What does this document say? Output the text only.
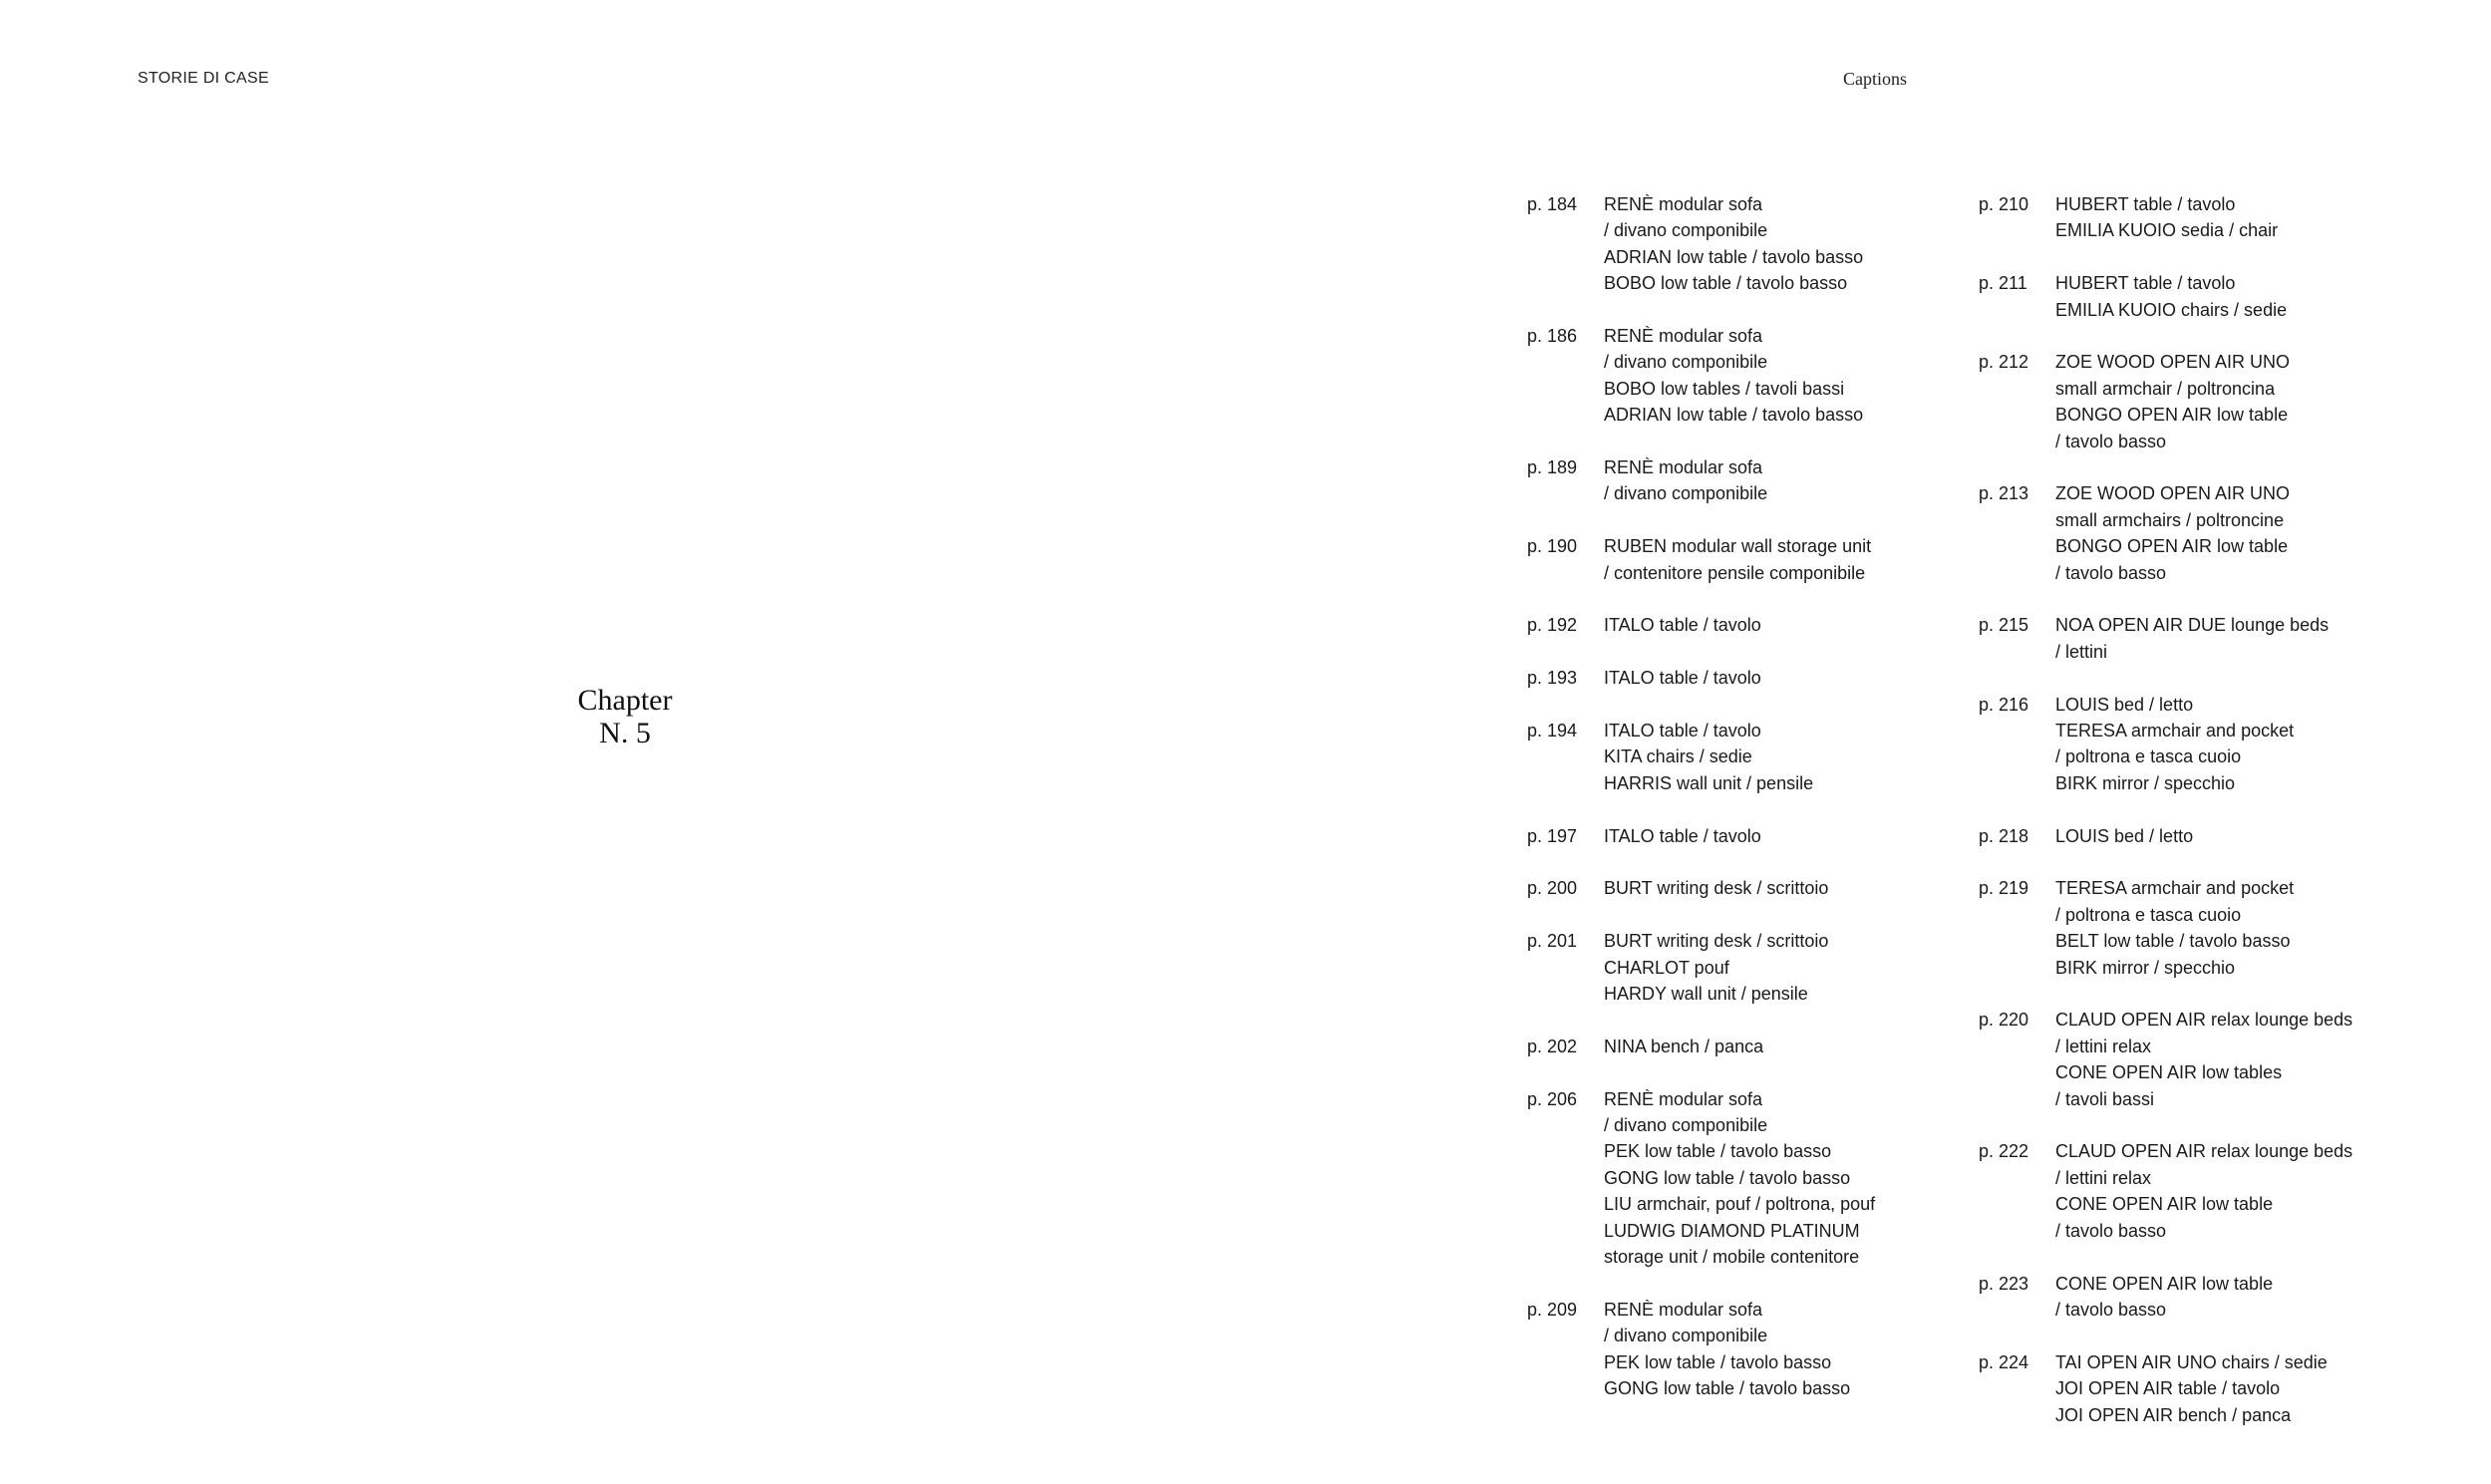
STORIE DI CASE	Captions
Chapter
N. 5
p. 184	RENÈ modular sofa
/ divano componibile
ADRIAN low table / tavolo basso
BOBO low table / tavolo basso
p. 186	RENÈ modular sofa
/ divano componibile
BOBO low tables / tavoli bassi
ADRIAN low table / tavolo basso
p. 189	RENÈ modular sofa
/ divano componibile
p. 190	RUBEN modular wall storage unit
/ contenitore pensile componibile
p. 192	ITALO table / tavolo
p. 193	ITALO table / tavolo
p. 194	ITALO table / tavolo
KITA chairs / sedie
HARRIS wall unit / pensile
p. 197	ITALO table / tavolo
p. 200	BURT writing desk / scrittoio
p. 201	BURT writing desk / scrittoio
CHARLOT pouf
HARDY wall unit / pensile
p. 202	NINA bench / panca
p. 206	RENÈ modular sofa
/ divano componibile
PEK low table / tavolo basso
GONG low table / tavolo basso
LIU armchair, pouf / poltrona, pouf
LUDWIG DIAMOND PLATINUM
storage unit / mobile contenitore
p. 209	RENÈ modular sofa
/ divano componibile
PEK low table / tavolo basso
GONG low table / tavolo basso
p. 210	HUBERT table / tavolo
EMILIA KUOIO sedia / chair
p. 211	HUBERT table / tavolo
EMILIA KUOIO chairs / sedie
p. 212	ZOE WOOD OPEN AIR UNO
small armchair / poltroncina
BONGO OPEN AIR low table
/ tavolo basso
p. 213	ZOE WOOD OPEN AIR UNO
small armchairs / poltroncine
BONGO OPEN AIR low table
/ tavolo basso
p. 215	NOA OPEN AIR DUE lounge beds
/ lettini
p. 216	LOUIS bed / letto
TERESA armchair and pocket
/ poltrona e tasca cuoio
BIRK mirror / specchio
p. 218	LOUIS bed / letto
p. 219	TERESA armchair and pocket
/ poltrona e tasca cuoio
BELT low table / tavolo basso
BIRK mirror / specchio
p. 220	CLAUD OPEN AIR relax lounge beds
/ lettini relax
CONE OPEN AIR low tables
/ tavoli bassi
p. 222	CLAUD OPEN AIR relax lounge beds
/ lettini relax
CONE OPEN AIR low table
/ tavolo basso
p. 223	CONE OPEN AIR low table
/ tavolo basso
p. 224	TAI OPEN AIR UNO chairs / sedie
JOI OPEN AIR table / tavolo
JOI OPEN AIR bench / panca
